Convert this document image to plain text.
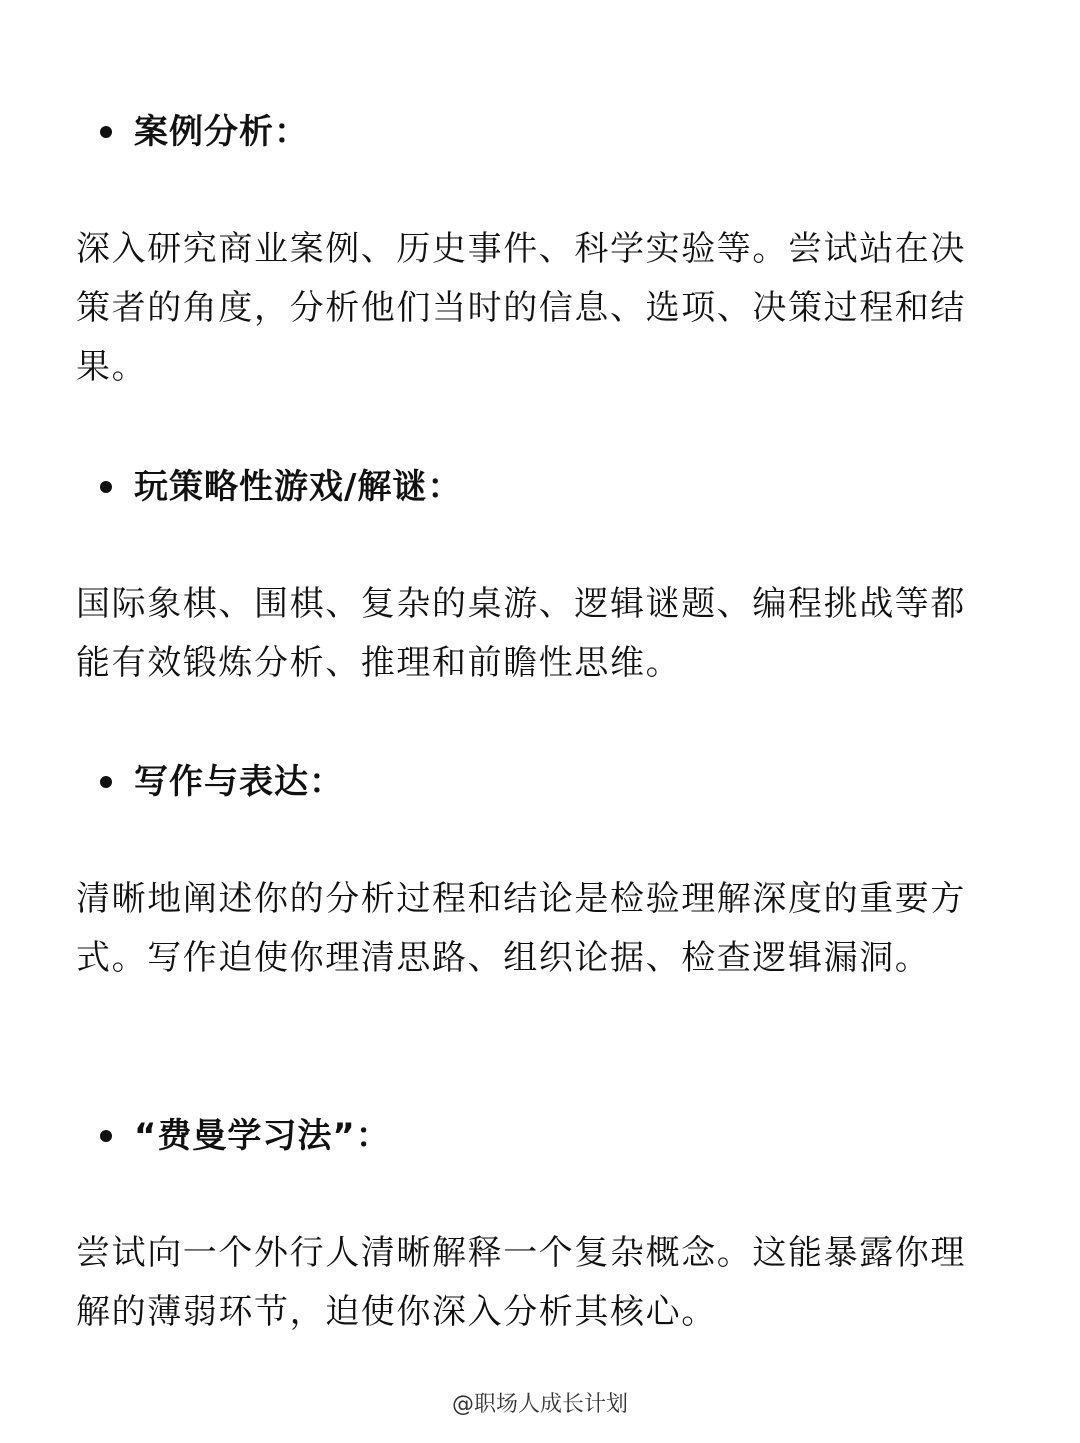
案例分析：
深入研究商业案例、历史事件、科学实验等。尝试站在决策者的角度，分析他们当时的信息、选项、决策过程和结果。
玩策略性游戏/解谜：
国际象棋、围棋、复杂的桌游、逻辑谜题、编程挑战等都能有效锻炼分析、推理和前瞻性思维。
写作与表达：
清晰地阐述你的分析过程和结论是检验理解深度的重要方式。写作迫使你理清思路、组织论据、检查逻辑漏洞。
“费曼学习法”：
尝试向一个外行人清晰解释一个复杂概念。这能暴露你理解的薄弱环节，迫使你深入分析其核心。
@职场人成长计划
